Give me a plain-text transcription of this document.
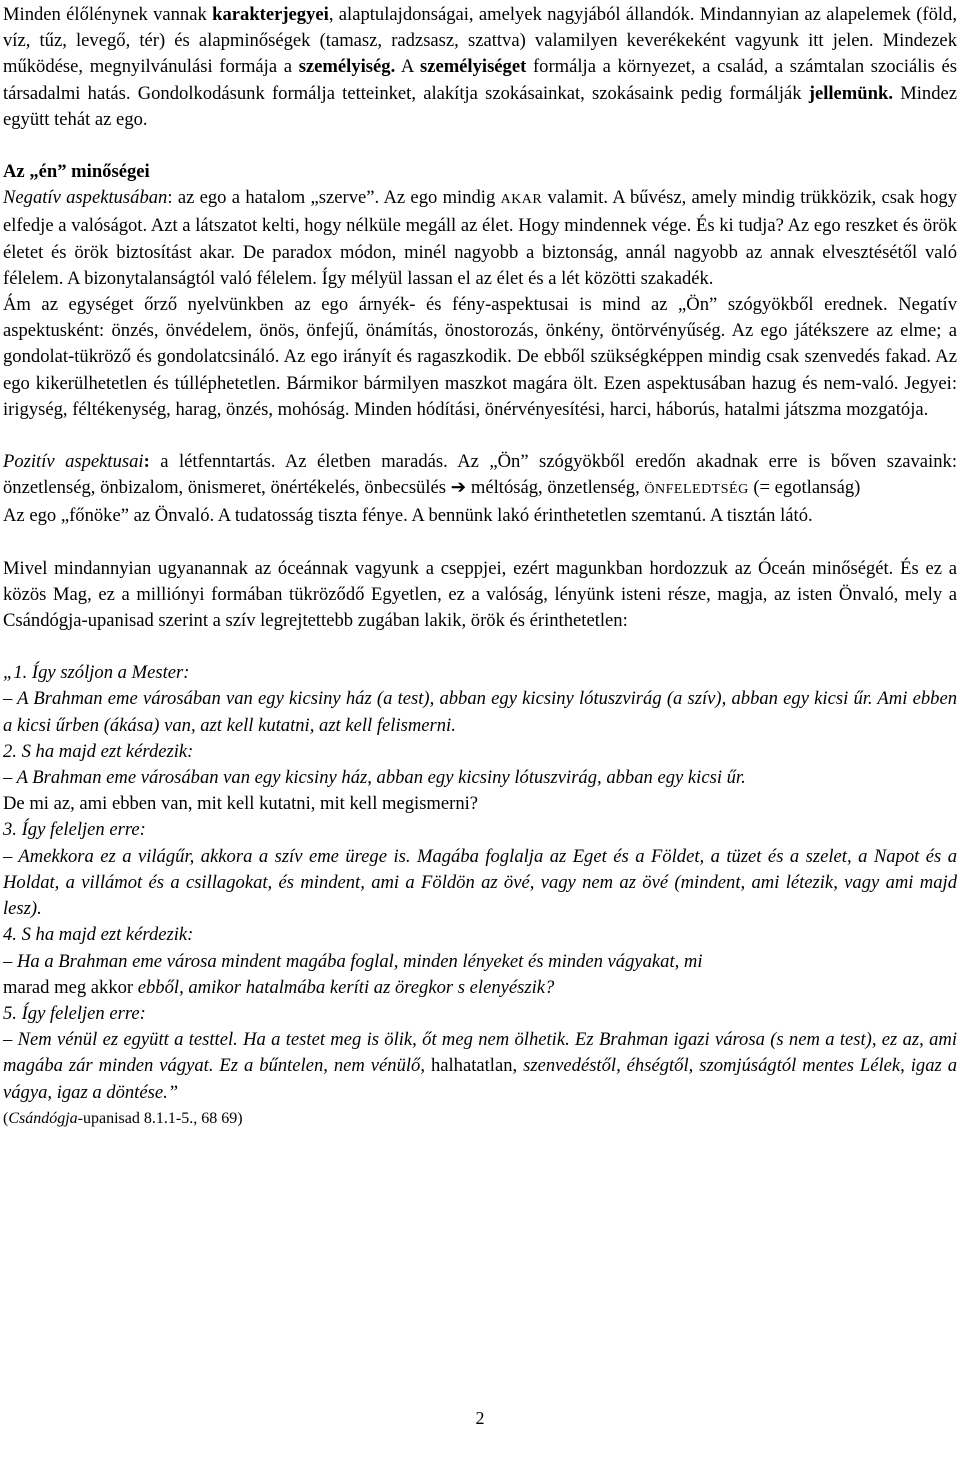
Minden élőlénynek vannak karakterjegyei, alaptulajdonságai, amelyek nagyjából állandók. Mindannyian az alapelemek (föld, víz, tűz, levegő, tér) és alapminőségek (tamasz, radzsasz, szattva) valamilyen keverékeként vagyunk itt jelen. Mindezek működése, megnyilvánulási formája a személyiség. A személyiséget formálja a környezet, a család, a számtalan szociális és társadalmi hatás. Gondolkodásunk formálja tetteinket, alakítja szokásainkat, szokásaink pedig formálják jellemünk. Mindez együtt tehát az ego.

Az „én” minőségei

Negatív aspektusában: az ego a hatalom „szerve”. Az ego mindig AKAR valamit. A bűvész, amely mindig trükközik, csak hogy elfedje a valóságot. Azt a látszatot kelti, hogy nélküle megáll az élet. Hogy mindennek vége. És ki tudja? Az ego reszket és örök életet és örök biztosítást akar. De paradox módon, minél nagyobb a biztonság, annál nagyobb az annak elvesztésétől való félelem. A bizonytalanságtól való félelem. Így mélyül lassan el az élet és a lét közötti szakadék.

Ám az egységet őrző nyelvünkben az ego árnyék- és fény-aspektusai is mind az „Ön” szógyökből erednek. Negatív aspektusként: önzés, önvédelem, önös, önfejű, önámítás, önostorozás, önkény, öntörvényűség. Az ego játékszere az elme; a gondolat-tükröző és gondolatcsináló. Az ego irányít és ragaszkodik. De ebből szükségképpen mindig csak szenvedés fakad. Az ego kikerülhetetlen és túlléphetetlen. Bármikor bármilyen maszkot magára ölt. Ezen aspektusában hazug és nem-való. Jegyei: irigység, féltékenység, harag, önzés, mohóság. Minden hódítási, önérvényesítési, harci, háborús, hatalmi játszma mozgatója.

Pozitív aspektusai: a létfenntartás. Az életben maradás. Az „Ön” szógyökből eredőn akadnak erre is bőven szavaink: önzetlenség, önbizalom, önismeret, önértékelés, önbecsülés ➔ méltóság, önzetlenség, ÖNFELEDTSÉG (= egotlanság)

Az ego „főnöke” az Önvaló. A tudatosság tiszta fénye. A bennünk lakó érinthetetlen szemtanú. A tisztán látó.

Mivel mindannyian ugyanannak az óceánnak vagyunk a cseppjei, ezért magunkban hordozzuk az Óceán minőségét. És ez a közös Mag, ez a milliónyi formában tükröződő Egyetlen, ez a valóság, lényünk isteni része, magja, az isten Önvaló, mely a Csándógja-upanisad szerint a szív legrejtettebb zugában lakik, örök és érinthetetlen:

„1. Így szóljon a Mester:

– A Brahman eme városában van egy kicsiny ház (a test), abban egy kicsiny lótuszvirág (a szív), abban egy kicsi űr. Ami ebben a kicsi űrben (ákása) van, azt kell kutatni, azt kell felismerni.

2. S ha majd ezt kérdezik:

– A Brahman eme városában van egy kicsiny ház, abban egy kicsiny lótuszvirág, abban egy kicsi űr.

De mi az, ami ebben van, mit kell kutatni, mit kell megismerni?

3. Így feleljen erre:

– Amekkora ez a világűr, akkora a szív eme ürege is. Magába foglalja az Eget és a Földet, a tüzet és a szelet, a Napot és a Holdat, a villámot és a csillagokat, és mindent, ami a Földön az övé, vagy nem az övé (mindent, ami létezik, vagy ami majd lesz).

4. S ha majd ezt kérdezik:

– Ha a Brahman eme városa mindent magába foglal, minden lényeket és minden vágyakat, mi
marad meg akkor ebből, amikor hatalmába keríti az öregkor s elenyészik?

5. Így feleljen erre:

– Nem vénül ez együtt a testtel. Ha a testet meg is ölik, őt meg nem ölhetik. Ez Brahman igazi városa (s nem a test), ez az, ami magába zár minden vágyat. Ez a bűntelen, nem vénülő, halhatatlan, szenvedéstől, éhségtől, szomjúságtól mentes Lélek, igaz a vágya, igaz a döntése.”

(Csándógja-upanisad 8.1.1-5., 68 69)

2
